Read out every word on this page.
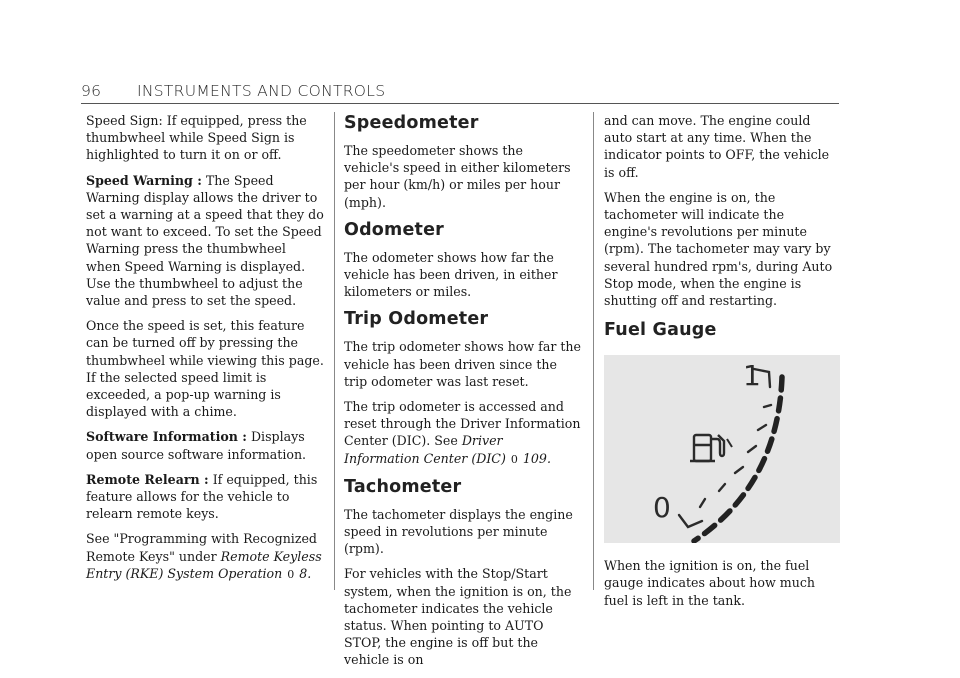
96 INSTRUMENTS AND CONTROLS

Speed Sign: If equipped, press the thumbwheel while Speed Sign is highlighted to turn it on or off.

Speed Warning : The Speed Warning display allows the driver to set a warning at a speed that they do not want to exceed. To set the Speed Warning press the thumbwheel when Speed Warning is displayed. Use the thumbwheel to adjust the value and press to set the speed.

Once the speed is set, this feature can be turned off by pressing the thumbwheel while viewing this page. If the selected speed limit is exceeded, a pop-up warning is displayed with a chime.

Software Information : Displays open source software information.

Remote Relearn : If equipped, this feature allows for the vehicle to relearn remote keys.

See "Programming with Recognized Remote Keys" under Remote Keyless Entry (RKE) System Operation 0 8.

Speedometer

The speedometer shows the vehicle's speed in either kilometers per hour (km/h) or miles per hour (mph).

Odometer

The odometer shows how far the vehicle has been driven, in either kilometers or miles.

Trip Odometer

The trip odometer shows how far the vehicle has been driven since the trip odometer was last reset.

The trip odometer is accessed and reset through the Driver Information Center (DIC). See Driver Information Center (DIC) 0 109.

Tachometer

The tachometer displays the engine speed in revolutions per minute (rpm).

For vehicles with the Stop/Start system, when the ignition is on, the tachometer indicates the vehicle status. When pointing to AUTO STOP, the engine is off but the vehicle is on

and can move. The engine could auto start at any time. When the indicator points to OFF, the vehicle is off.

When the engine is on, the tachometer will indicate the engine's revolutions per minute (rpm). The tachometer may vary by several hundred rpm's, during Auto Stop mode, when the engine is shutting off and restarting.

Fuel Gauge
1
0

When the ignition is on, the fuel gauge indicates about how much fuel is left in the tank.
